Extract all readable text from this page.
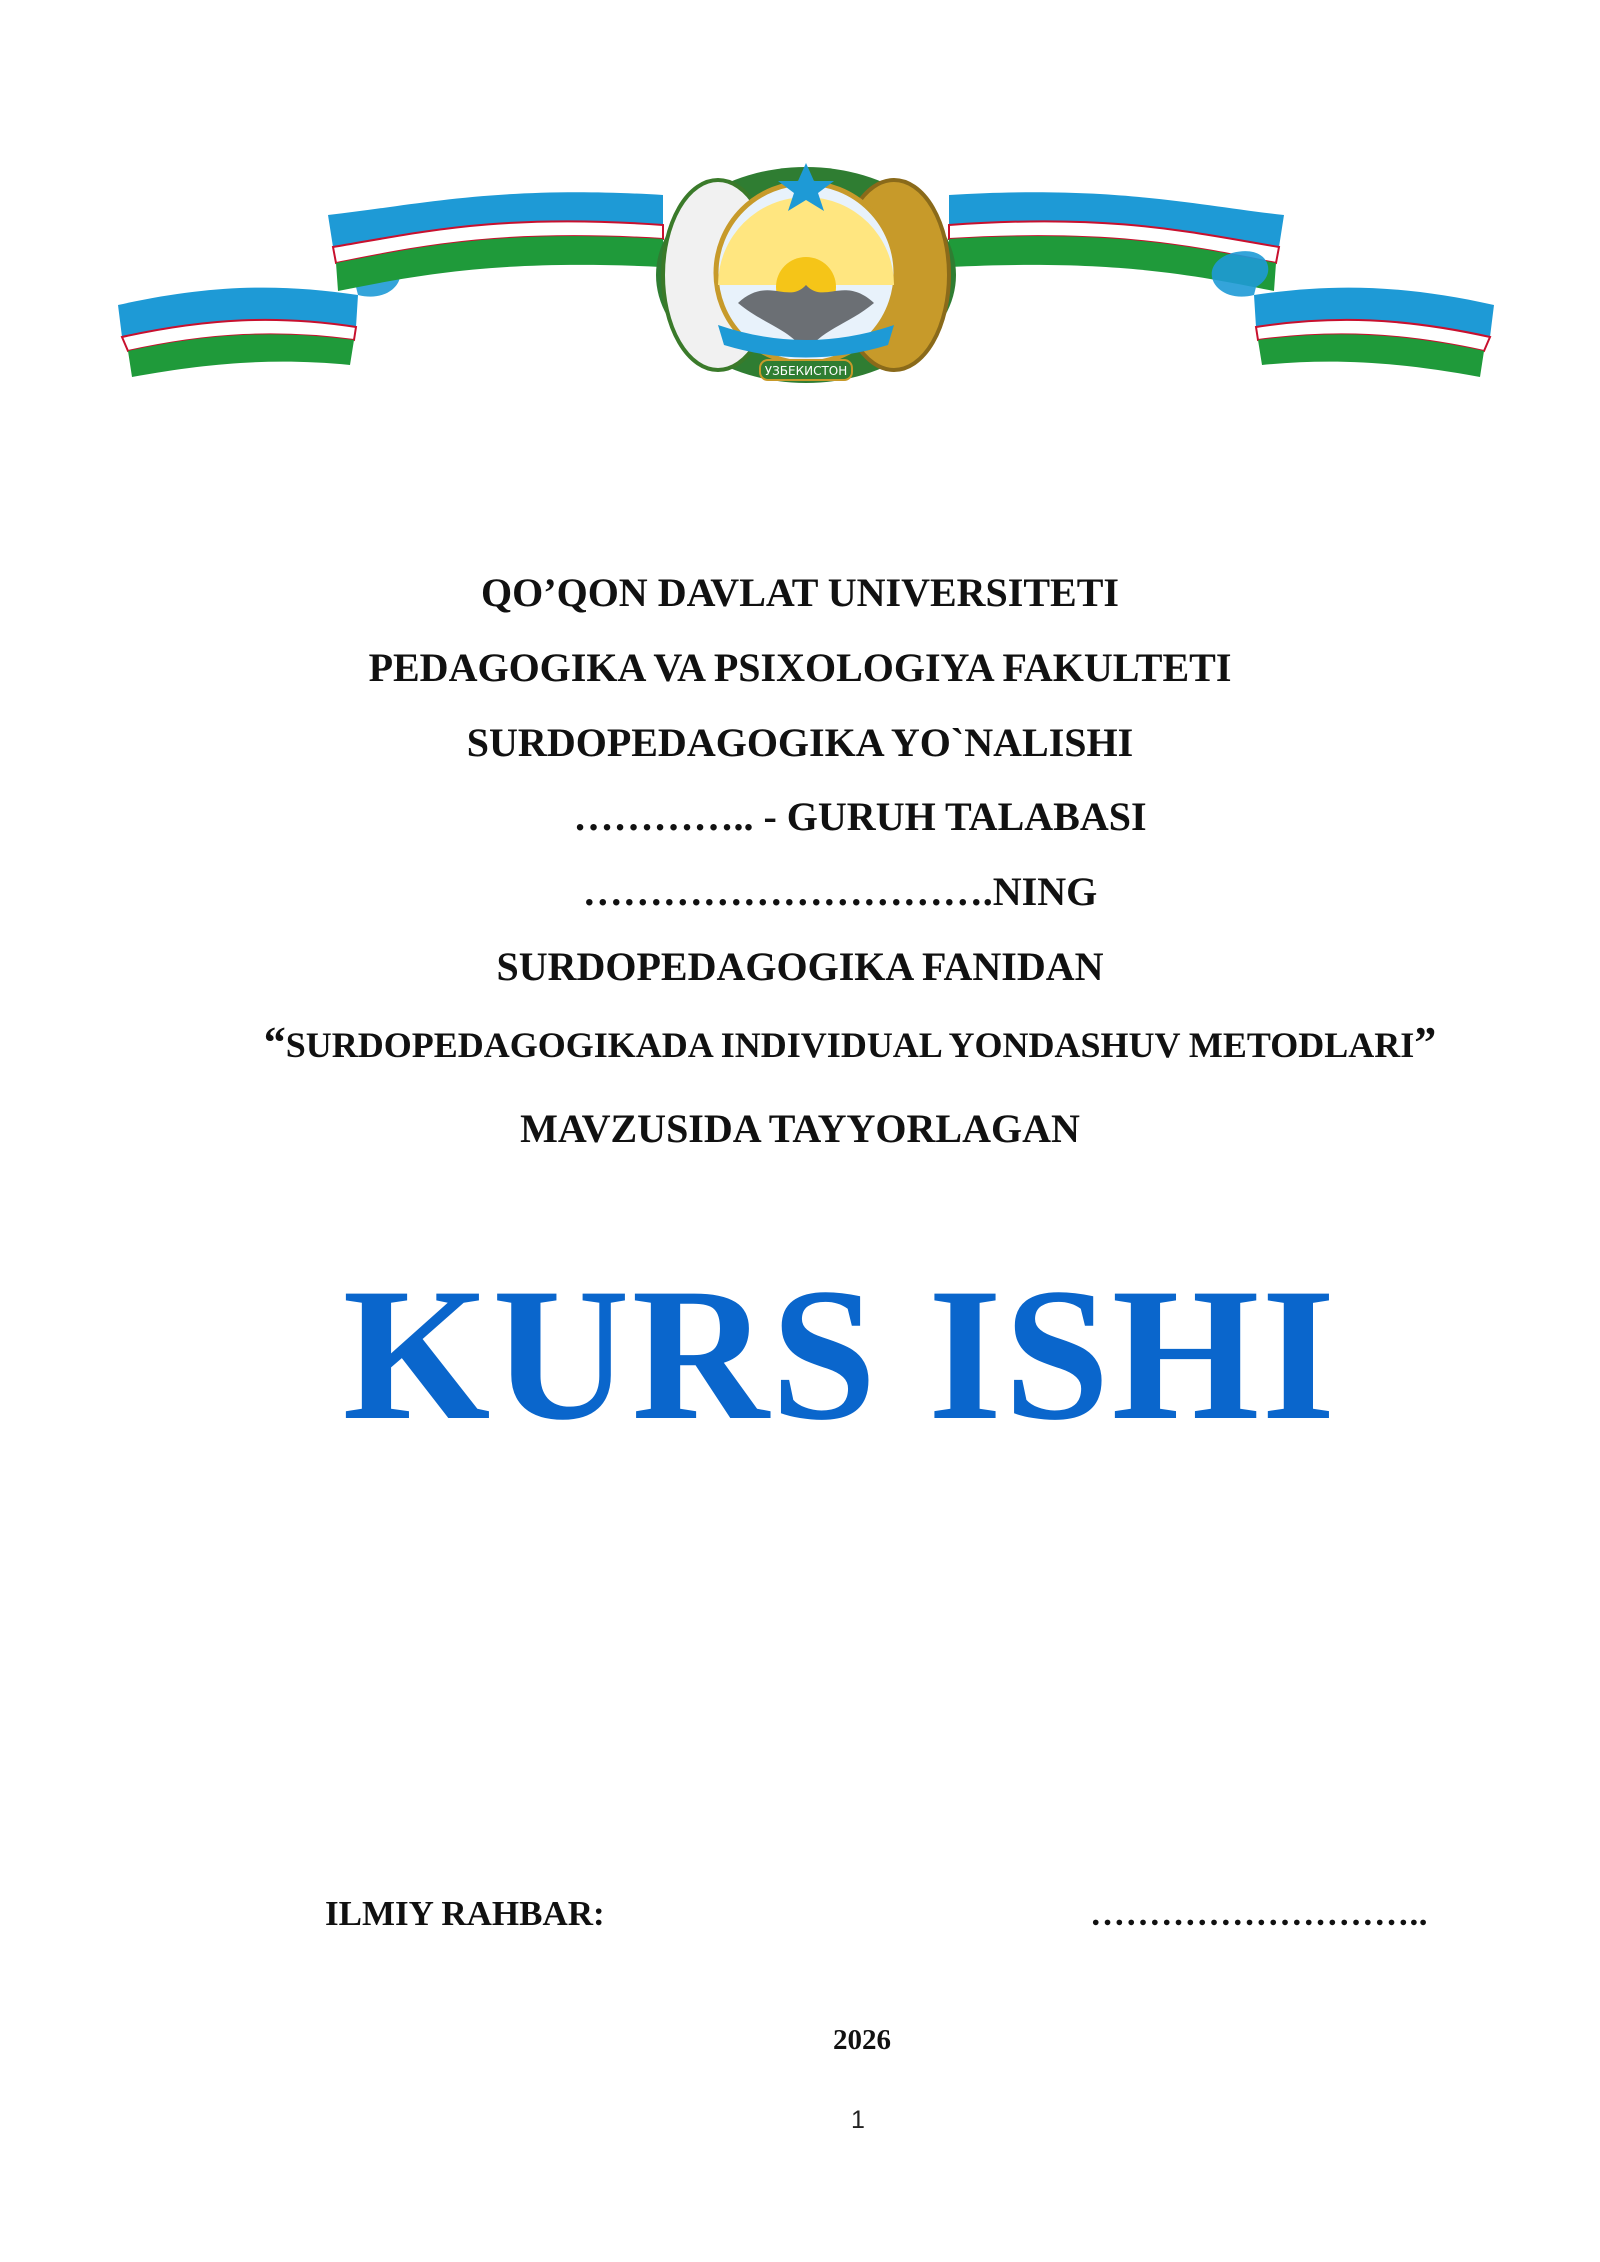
УЗБЕКИСТОН
QO’QON DAVLAT UNIVERSITETI
PEDAGOGIKA VA PSIXOLOGIYA FAKULTETI
SURDOPEDAGOGIKA YO`NALISHI
………….. - GURUH TALABASI
………………………….NING
SURDOPEDAGOGIKA FANIDAN
“SURDOPEDAGOGIKADA INDIVIDUAL YONDASHUV METODLARI”
MAVZUSIDA TAYYORLAGAN
KURS ISHI
ILMIY RAHBAR:	………………………..
2026
1
